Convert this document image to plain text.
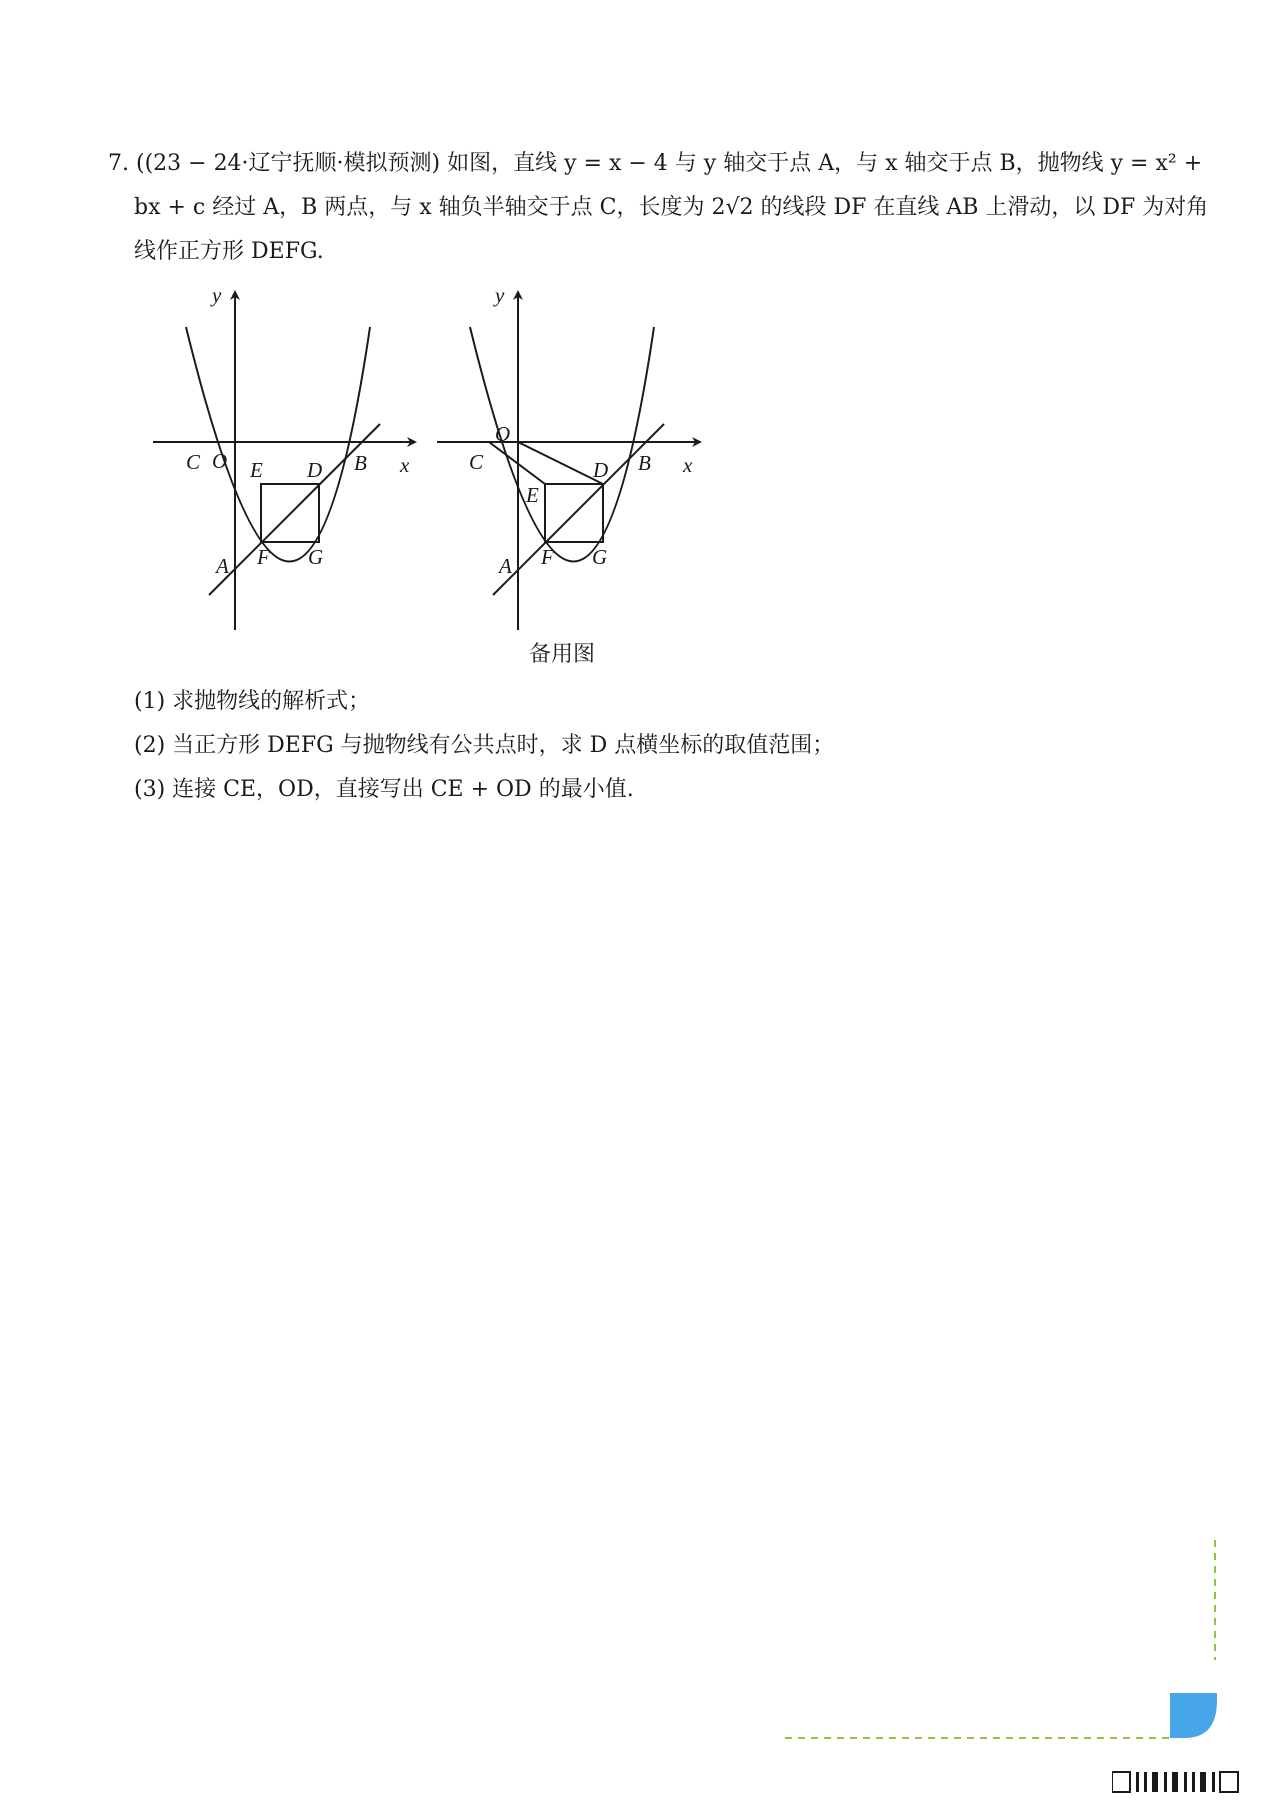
7. ((23 − 24·辽宁抚顺·模拟预测) 如图，直线 y = x − 4 与 y 轴交于点 A，与 x 轴交于点 B，抛物线 y = x² +
bx + c 经过 A，B 两点，与 x 轴负半轴交于点 C，长度为 2√2 的线段 DF 在直线 AB 上滑动，以 DF 为对角
线作正方形 DEFG.
y
x
C O E D B
A F G
y
x
O
C
E
D B
A F G
备用图
(1) 求抛物线的解析式；
(2) 当正方形 DEFG 与抛物线有公共点时，求 D 点横坐标的取值范围；
(3) 连接 CE，OD，直接写出 CE + OD 的最小值.
4
